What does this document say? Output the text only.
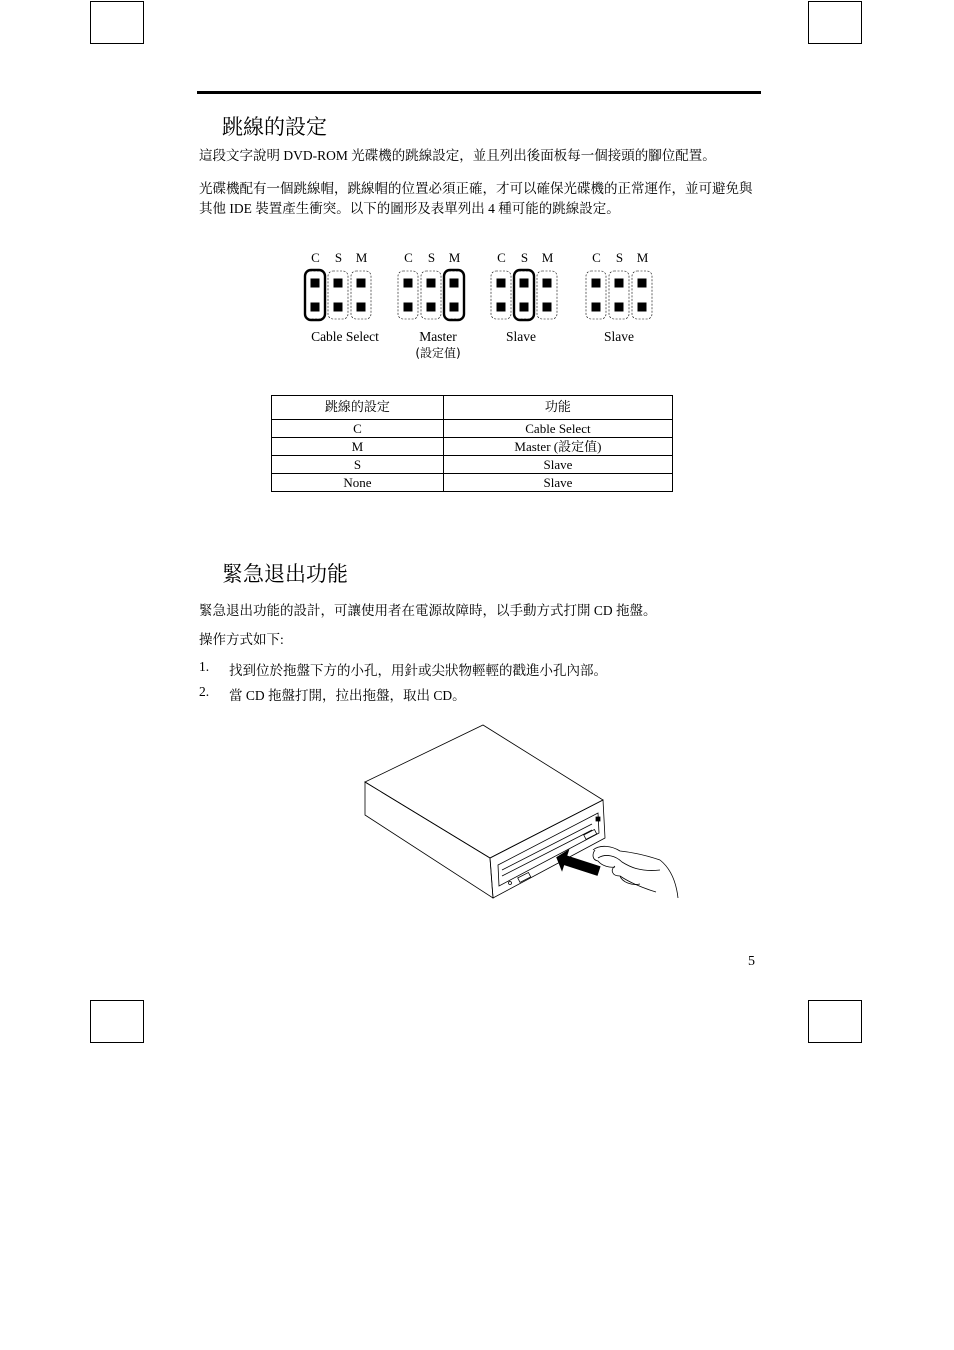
跳線的設定

這段文字說明 DVD-ROM 光碟機的跳線設定，並且列出後面板每一個接頭的腳位配置。

光碟機配有一個跳線帽，跳線帽的位置必須正確，才可以確保光碟機的正常運作，並可避免與其他 IDE 裝置產生衝突。以下的圖形及表單列出 4 種可能的跳線設定。

C S M	C S M	C S M	C S M
Cable Select	Master
(設定值)
Slave	Slave
跳線的設定	功能
C	Cable Select
M	Master (設定值)
S	Slave
None	Slave
緊急退出功能

緊急退出功能的設計，可讓使用者在電源故障時，以手動方式打開 CD 拖盤。

操作方式如下:

1. 找到位於拖盤下方的小孔，用針或尖狀物輕輕的戳進小孔內部。
2. 當 CD 拖盤打開，拉出拖盤，取出 CD。
5
